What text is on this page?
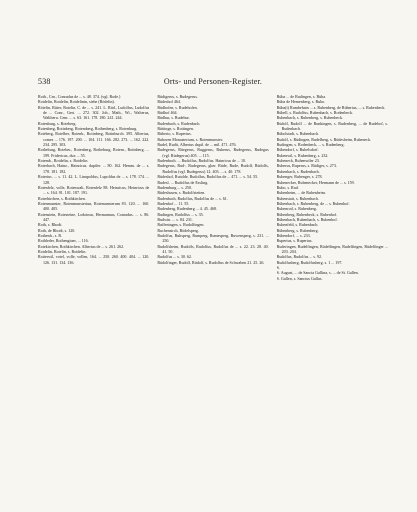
538	Orts- und Personen-Register.

Roth., Cnr., Conradus de ... s. 48. 374. (vgl. Rode.)

Rotdelin, Rotdelin, Rotdelinin, siehe (Rödelin).

Rötelin, Ritter, Rotelin, C. de ... s. 241. L. Rüd., Ludolfus, Ludolfus de ... Conr., Gert. ... 272. 302. Joh., Math., Wi., Walterus, Waltheru. Cenr. ... s. 63. 161. 178. 180. 241. 244.

Rotenburg, s. Roteberg.

Rotenberg, Rotinberg, Rotemberg, Rothenberg, s. Rotenburg.

Roteberg, Rotelber, Rotenb., Rotinberg, Rotinburch. 395. Albertus, comes ... 176. 197. 200. ... 104. 111. 166. 282. 273. ... 162. 222. 234. 295. 303.

Rotheburg, Roteber., Rotenberg, Rotbeburg, Rotem., Rotinberg. ... 199. Fridericus, dux ... 55.

Rotemb., Rotdelin, s. Rotdelin.

Roterbach, Hainz., Hainricus. dapifer. ... 80. 162. Hemm. de ... s. 178. 181. 182.

Roteriuc. ... s. 11. 42. L. Linupoldus, Lupoldus de ... s. 178. 174. ... 128.

Rotenfelz, volle, Rotenwalt, Rotenfelz 88. Heinricus, Heinricus de ... s. 164. 91. 101. 187. 191.

Rotrehirchen, s. Rothkirchen.

Rotenmunster, Rotenmunsteriun, Rotemunsterum 83. 120. ... 160. 400. 405.

Rotenstein, Rotesteine, Lodoinus, Hermannus, Conradus. ... s. 86. 447.

Roth, s. Rhodt.

Roth, de Rhodt, s. 120.

Rothenh., s. R.

Rothleder, Rothengiuer, ... 116.

Rotekirchen, Rothkirchen. Albertus de ... s. 261. 262.

Rotdelin, Rotelin, s. Rotdelin.

Rotterwil, votel, volle, vollen, 164. ... 250. 260. 400. 404. ... 120. 126. 131. 134. 136.

Rüdigerus, s. Rudegerus.

Rüdeshof 464.

Rüdhofen, s. Rudehofen.

Rüdhof 464.

Rüdhur, s. Rudehur.

Rudenbach, s. Rudenbach.

Rüttinge, s. Rottingen.

Rüberto, s. Rupertus.

Ruboren Monasterium, s. Rotenmunster.

Rudel, Rudit, Albertus dapif. de ... mil. 471. 476.

Rudegerus, Rüegerus, Ruggerus, Rukerus, Rudegerus, Rudegus (vgl. Rüdegerus) 405. ... 115.

Rudenbach. ... Rudolfus, Rudolfus. Hainricus de ... 10.

Rudegerus, Rud-, Rudegerus, gher. Rüde, Rude, Rudolf, Rüdolfs, Rudolfus (vgl. Rudegerus) 12. 403. ... s. 40. 178.

Rüdeshof, Rutolde, Rudolfus, Rudolfus de ... 471. ... s. 54. 55.

Rudesl. ... Rudolfus de Essling.

Rudemburg ... s. 250.

Rüdeshusen, s. Rudolfstetten.

Rudenbach, Rudolfus, Rudolfus de ... s. 61.

Rudenhof ... 11. 55.

Rudenberg, Rudenberg ... 4. 45. 468.

Rudingen, Rudolfus ... s. 35.

Rudwin. ... s. 84. 231.

Ruffeningen, s. Rudolfingen.

Ruchensirch, Rödelsperg.

Rudolfus, Ruhsperg, Rumperg, Rumesperg, Ruwensperg, s. 231. ... 250.

Rudolfsheim, Rudolfs, Rudolfus, Rudolfus de ... s. 22. 23. 28. 40. 41. 50.

Rudolfus ... s. 30. 62.

Rüdolfinger, Rudolf, Rüdolf, s. Rudolfus de Schwaben 21. 25. 26.

Rüba ... de Rudingen, s. Rüba.

Rüba de Hemenberg, s. Rubo.

Rüba(i) Rumbehain ... s. Rubenberg, de Rüberius, ... s. Rubenbeck.

Rübell, s. Rudolfus, Rubenbach, s. Rodenbeck.

Rubenbach, s. Rubenberg, s. Rubenbeck.

Rüdolf, Rudolf ... de Runkingen, s. Rudenberg, ... de Rudehof, s. Rudenbach.

Rübolstadt, s. Rubenbach.

Rudolf, s. Rüdingen, Rudelberg, s. Rüdesheim, Rubeneck.

Rudingen, s. Rodenbeck, ... s. Rudenberg.

Rübendorf, s. Rubelsdorf.

Rubenwil, s. Rubenberg, s. 232.

Rubeneck, Ruhenwiler 23.

Ruberus, Ruperus, s. Rüdiger, s. 273.

Rubenbach, s. Rudenbach.

Rubenger, Rubenger, s. 278.

Rubenecker, Rubenecker, Hermann de ... s. 159.

Rubo, s. Rud.

Rubenheim, ... de Rubenheim.

Rubenstatt, s. Rubenbach.

Rübenbach, s. Rubenberg, de ... s. Rubenhof.

Rubenrod, s. Rubenberg.

Rübenberg, Rubenbeck, s. Rubenhof.

Rübenbach, Rubenbach, s. Rubenhof.

Ruhenfeld, s. Rubenbach.

Rübenberg, s. Rubenberg.

Rübendorf, ... s. 233.

Rupertus, s. Rupertus.

Ruderingen, Rudelfingen, Rüdelfingen, Rudelfingen, Rüdelfinger ... 203. 204.

Rudolfus, Rudolfus ... s. 92.

Rudolfusberg, Rudolfusberg. s. 1 ... 197.

S.

S. August, ... de Sancta Gallina, s. ... de St. Gallen.

S. Gallen, s. Sanctus Gallus.
